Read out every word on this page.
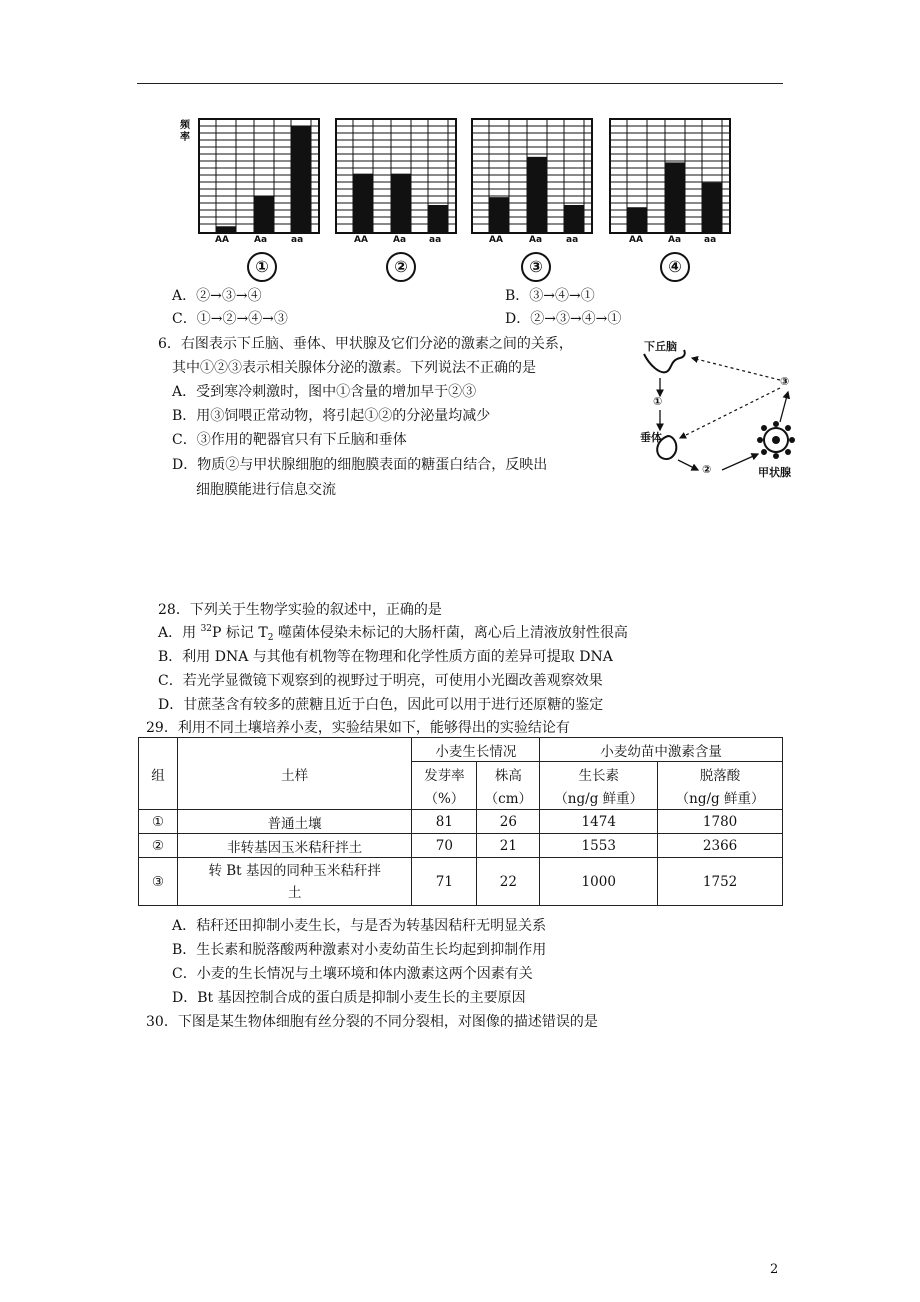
频
率
AA	Aa	aa	AA	Aa	aa	AA	Aa	aa	AA	Aa	aa
①	②	③	④
A．②→③→④	B．③→④→①
C．①→②→④→③	D．②→③→④→①
6．右图表示下丘脑、垂体、甲状腺及它们分泌的激素之间的关系，
其中①②③表示相关腺体分泌的激素。下列说法不正确的是
A．受到寒冷刺激时，图中①含量的增加早于②③
B．用③饲喂正常动物，将引起①②的分泌量均减少
C．③作用的靶器官只有下丘脑和垂体
D．物质②与甲状腺细胞的细胞膜表面的糖蛋白结合，反映出
细胞膜能进行信息交流
下丘脑
①
垂体
②
③
甲状腺
28．下列关于生物学实验的叙述中，正确的是
A．用 $^{32}$P 标记 $T_2$ 噬菌体侵染未标记的大肠杆菌，离心后上清液放射性很高
B．利用 DNA 与其他有机物等在物理和化学性质方面的差异可提取 DNA
C．若光学显微镜下观察到的视野过于明亮，可使用小光圈改善观察效果
D．甘蔗茎含有较多的蔗糖且近于白色，因此可以用于进行还原糖的鉴定
29．利用不同土壤培养小麦，实验结果如下，能够得出的实验结论有
组	土样	小麦生长情况		小麦幼苗中激素含量	
		发芽率	株高	生长素	脱落酸
		（%）	（cm）	（ng/g 鲜重）	（ng/g 鲜重）
①	普通土壤	81	26	1474	1780
②	非转基因玉米秸秆拌土	70	21	1553	2366
③	转 Bt 基因的同种玉米秸秆拌
土	71	22	1000	1752
A．秸秆还田抑制小麦生长，与是否为转基因秸秆无明显关系
B．生长素和脱落酸两种激素对小麦幼苗生长均起到抑制作用
C．小麦的生长情况与土壤环境和体内激素这两个因素有关
D．Bt 基因控制合成的蛋白质是抑制小麦生长的主要原因
30．下图是某生物体细胞有丝分裂的不同分裂相，对图像的描述错误的是
2
